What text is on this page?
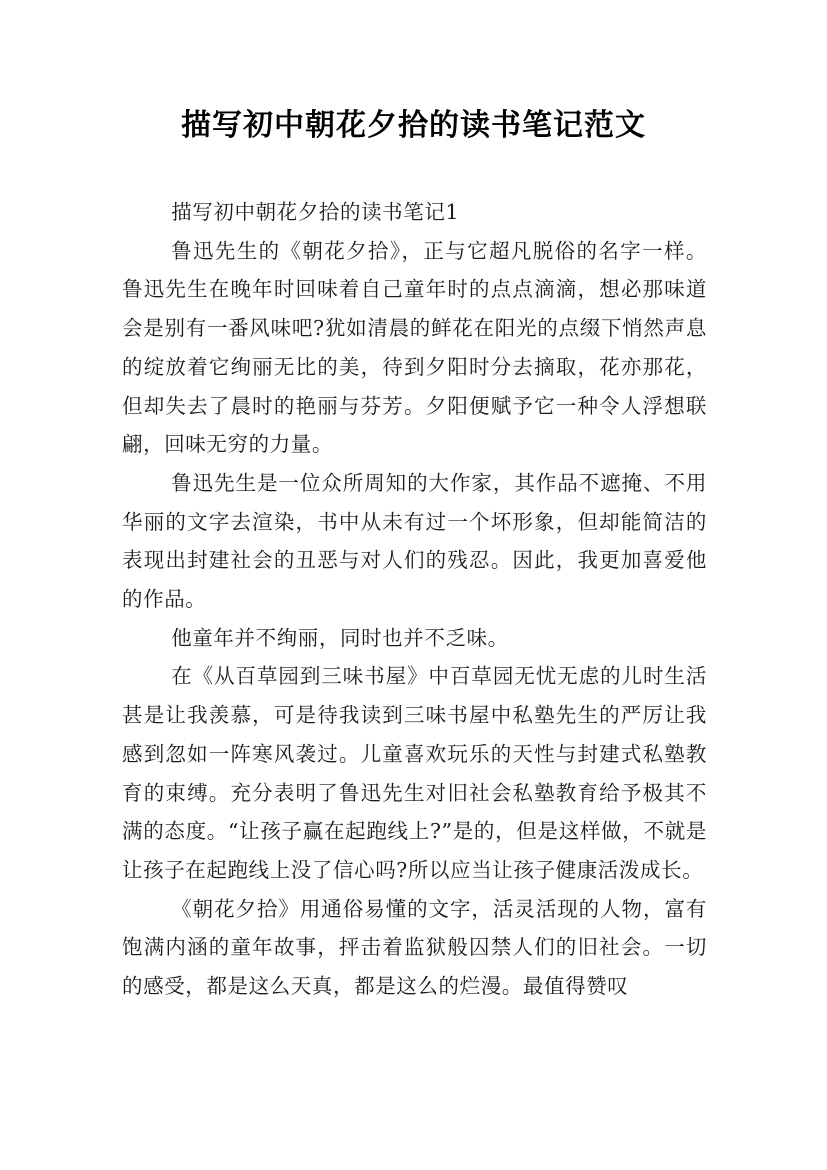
描写初中朝花夕拾的读书笔记范文

描写初中朝花夕拾的读书笔记1

鲁迅先生的《朝花夕拾》，正与它超凡脱俗的名字一样。鲁迅先生在晚年时回味着自己童年时的点点滴滴，想必那味道会是别有一番风味吧?犹如清晨的鲜花在阳光的点缀下悄然声息的绽放着它绚丽无比的美，待到夕阳时分去摘取，花亦那花，但却失去了晨时的艳丽与芬芳。夕阳便赋予它一种令人浮想联翩，回味无穷的力量。

鲁迅先生是一位众所周知的大作家，其作品不遮掩、不用华丽的文字去渲染，书中从未有过一个坏形象，但却能简洁的表现出封建社会的丑恶与对人们的残忍。因此，我更加喜爱他的作品。

他童年并不绚丽，同时也并不乏味。

在《从百草园到三味书屋》中百草园无忧无虑的儿时生活甚是让我羡慕，可是待我读到三味书屋中私塾先生的严厉让我感到忽如一阵寒风袭过。儿童喜欢玩乐的天性与封建式私塾教育的束缚。充分表明了鲁迅先生对旧社会私塾教育给予极其不满的态度。“让孩子赢在起跑线上?”是的，但是这样做，不就是让孩子在起跑线上没了信心吗?所以应当让孩子健康活泼成长。

《朝花夕拾》用通俗易懂的文字，活灵活现的人物，富有饱满内涵的童年故事，抨击着监狱般囚禁人们的旧社会。一切的感受，都是这么天真，都是这么的烂漫。最值得赞叹
